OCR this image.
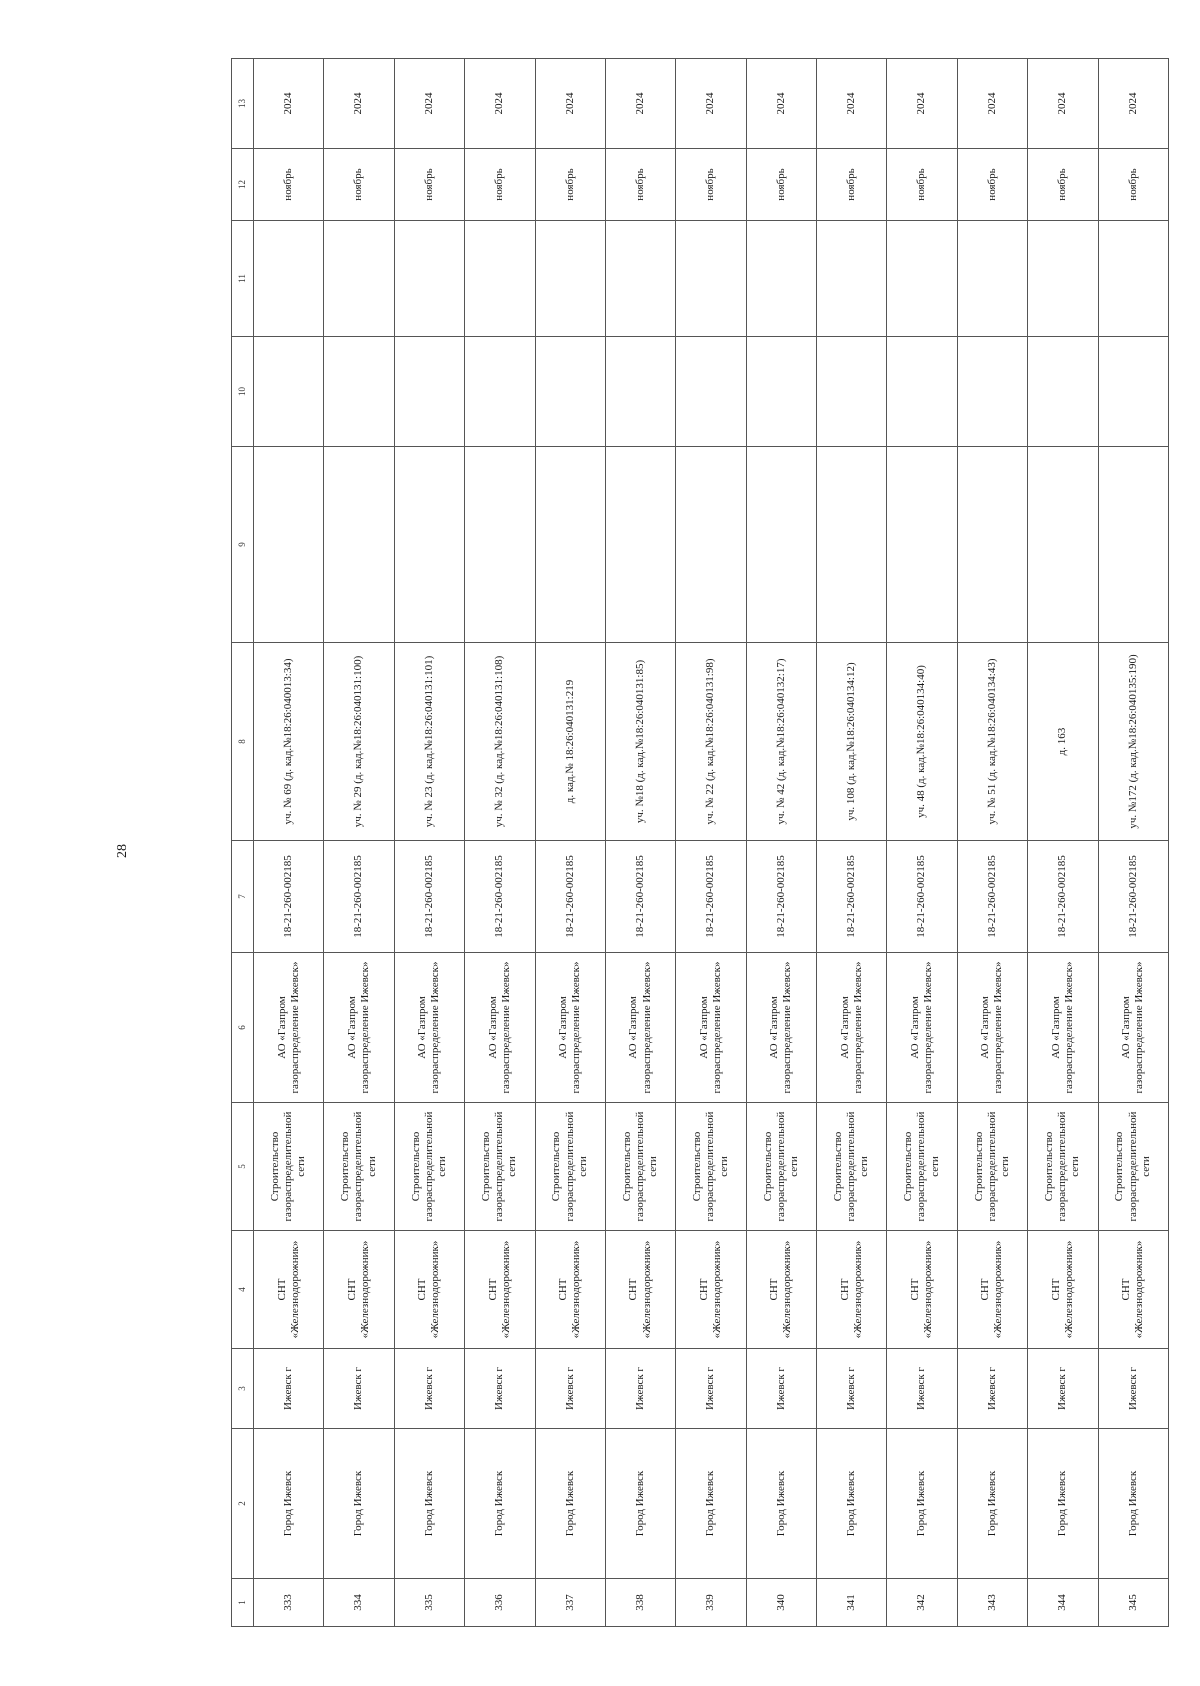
28
1	2	3	4	5	6	7	8	9	10	11	12	13
333	Город Ижевск	Ижевск г	СНТ «Железнодорожник»	Строительство газораспределительной сети	АО «Газпром газораспределение Ижевск»	18-21-260-002185	уч. № 69 (д. кад.№18:26:040013:34)				ноябрь	2024
334	Город Ижевск	Ижевск г	СНТ «Железнодорожник»	Строительство газораспределительной сети	АО «Газпром газораспределение Ижевск»	18-21-260-002185	уч. № 29 (д. кад.№18:26:040131:100)				ноябрь	2024
335	Город Ижевск	Ижевск г	СНТ «Железнодорожник»	Строительство газораспределительной сети	АО «Газпром газораспределение Ижевск»	18-21-260-002185	уч. № 23 (д. кад.№18:26:040131:101)				ноябрь	2024
336	Город Ижевск	Ижевск г	СНТ «Железнодорожник»	Строительство газораспределительной сети	АО «Газпром газораспределение Ижевск»	18-21-260-002185	уч. № 32 (д. кад.№18:26:040131:108)				ноябрь	2024
337	Город Ижевск	Ижевск г	СНТ «Железнодорожник»	Строительство газораспределительной сети	АО «Газпром газораспределение Ижевск»	18-21-260-002185	д. кад.№ 18:26:040131:219				ноябрь	2024
338	Город Ижевск	Ижевск г	СНТ «Железнодорожник»	Строительство газораспределительной сети	АО «Газпром газораспределение Ижевск»	18-21-260-002185	уч. №18 (д. кад.№18:26:040131:85)				ноябрь	2024
339	Город Ижевск	Ижевск г	СНТ «Железнодорожник»	Строительство газораспределительной сети	АО «Газпром газораспределение Ижевск»	18-21-260-002185	уч. № 22 (д. кад.№18:26:040131:98)				ноябрь	2024
340	Город Ижевск	Ижевск г	СНТ «Железнодорожник»	Строительство газораспределительной сети	АО «Газпром газораспределение Ижевск»	18-21-260-002185	уч. № 42 (д. кад.№18:26:040132:17)				ноябрь	2024
341	Город Ижевск	Ижевск г	СНТ «Железнодорожник»	Строительство газораспределительной сети	АО «Газпром газораспределение Ижевск»	18-21-260-002185	уч. 108 (д. кад.№18:26:040134:12)				ноябрь	2024
342	Город Ижевск	Ижевск г	СНТ «Железнодорожник»	Строительство газораспределительной сети	АО «Газпром газораспределение Ижевск»	18-21-260-002185	уч. 48 (д. кад.№18:26:040134:40)				ноябрь	2024
343	Город Ижевск	Ижевск г	СНТ «Железнодорожник»	Строительство газораспределительной сети	АО «Газпром газораспределение Ижевск»	18-21-260-002185	уч. № 51 (д. кад.№18:26:040134:43)				ноябрь	2024
344	Город Ижевск	Ижевск г	СНТ «Железнодорожник»	Строительство газораспределительной сети	АО «Газпром газораспределение Ижевск»	18-21-260-002185	д. 163				ноябрь	2024
345	Город Ижевск	Ижевск г	СНТ «Железнодорожник»	Строительство газораспределительной сети	АО «Газпром газораспределение Ижевск»	18-21-260-002185	уч. №172 (д. кад.№18:26:040135:190)				ноябрь	2024
